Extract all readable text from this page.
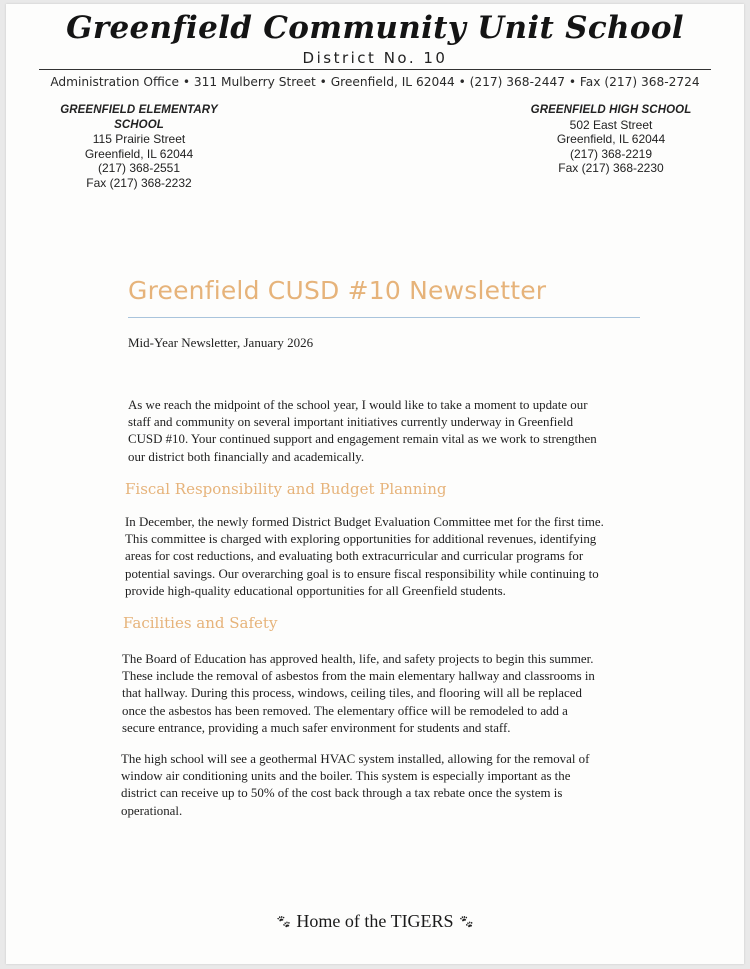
Greenfield Community Unit School
District No. 10
Administration Office • 311 Mulberry Street • Greenfield, IL 62044 • (217) 368-2447 • Fax (217) 368-2724
GREENFIELD ELEMENTARY SCHOOL
115 Prairie Street
Greenfield, IL 62044
(217) 368-2551
Fax (217) 368-2232
GREENFIELD HIGH SCHOOL
502 East Street
Greenfield, IL 62044
(217) 368-2219
Fax (217) 368-2230
Greenfield CUSD #10 Newsletter
Mid-Year Newsletter, January 2026
As we reach the midpoint of the school year, I would like to take a moment to update our
staff and community on several important initiatives currently underway in Greenfield
CUSD #10. Your continued support and engagement remain vital as we work to strengthen
our district both financially and academically.
Fiscal Responsibility and Budget Planning
In December, the newly formed District Budget Evaluation Committee met for the first time.
This committee is charged with exploring opportunities for additional revenues, identifying
areas for cost reductions, and evaluating both extracurricular and curricular programs for
potential savings. Our overarching goal is to ensure fiscal responsibility while continuing to
provide high-quality educational opportunities for all Greenfield students.
Facilities and Safety
The Board of Education has approved health, life, and safety projects to begin this summer.
These include the removal of asbestos from the main elementary hallway and classrooms in
that hallway. During this process, windows, ceiling tiles, and flooring will all be replaced
once the asbestos has been removed. The elementary office will be remodeled to add a
secure entrance, providing a much safer environment for students and staff.
The high school will see a geothermal HVAC system installed, allowing for the removal of
window air conditioning units and the boiler. This system is especially important as the
district can receive up to 50% of the cost back through a tax rebate once the system is
operational.
🐾︎ Home of the TIGERS 🐾︎
